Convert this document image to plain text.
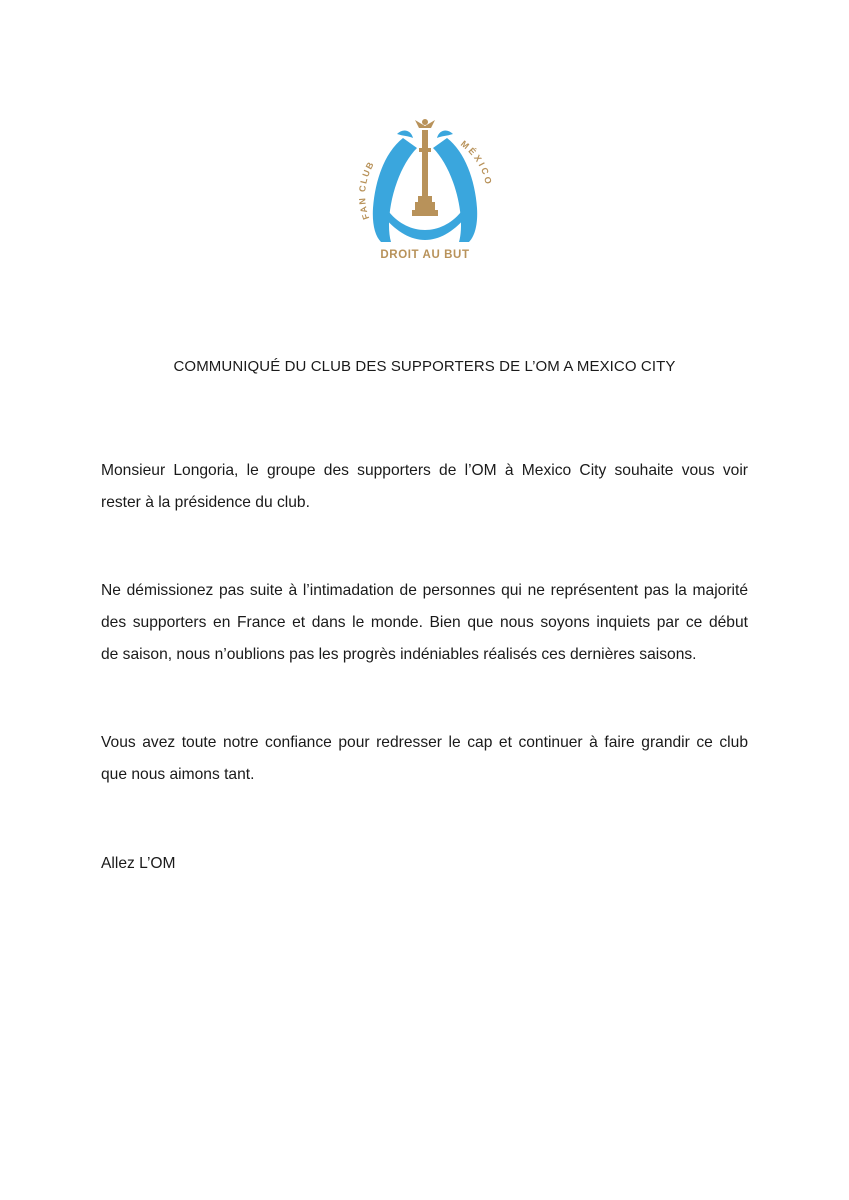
FAN CLUB
MÉXICO
DROIT AU BUT
COMMUNIQUÉ DU CLUB DES SUPPORTERS DE L’OM A MEXICO CITY
Monsieur Longoria, le groupe des supporters de l’OM à Mexico City souhaite vous voir
rester à la présidence du club.
Ne démissionez pas suite à l’intimadation de personnes qui ne représentent pas la majorité
des supporters en France et dans le monde. Bien que nous soyons inquiets par ce début
de saison, nous n’oublions pas les progrès indéniables réalisés ces dernières saisons.
Vous avez toute notre confiance pour redresser le cap et continuer à faire grandir ce club
que nous aimons tant.
Allez L’OM
